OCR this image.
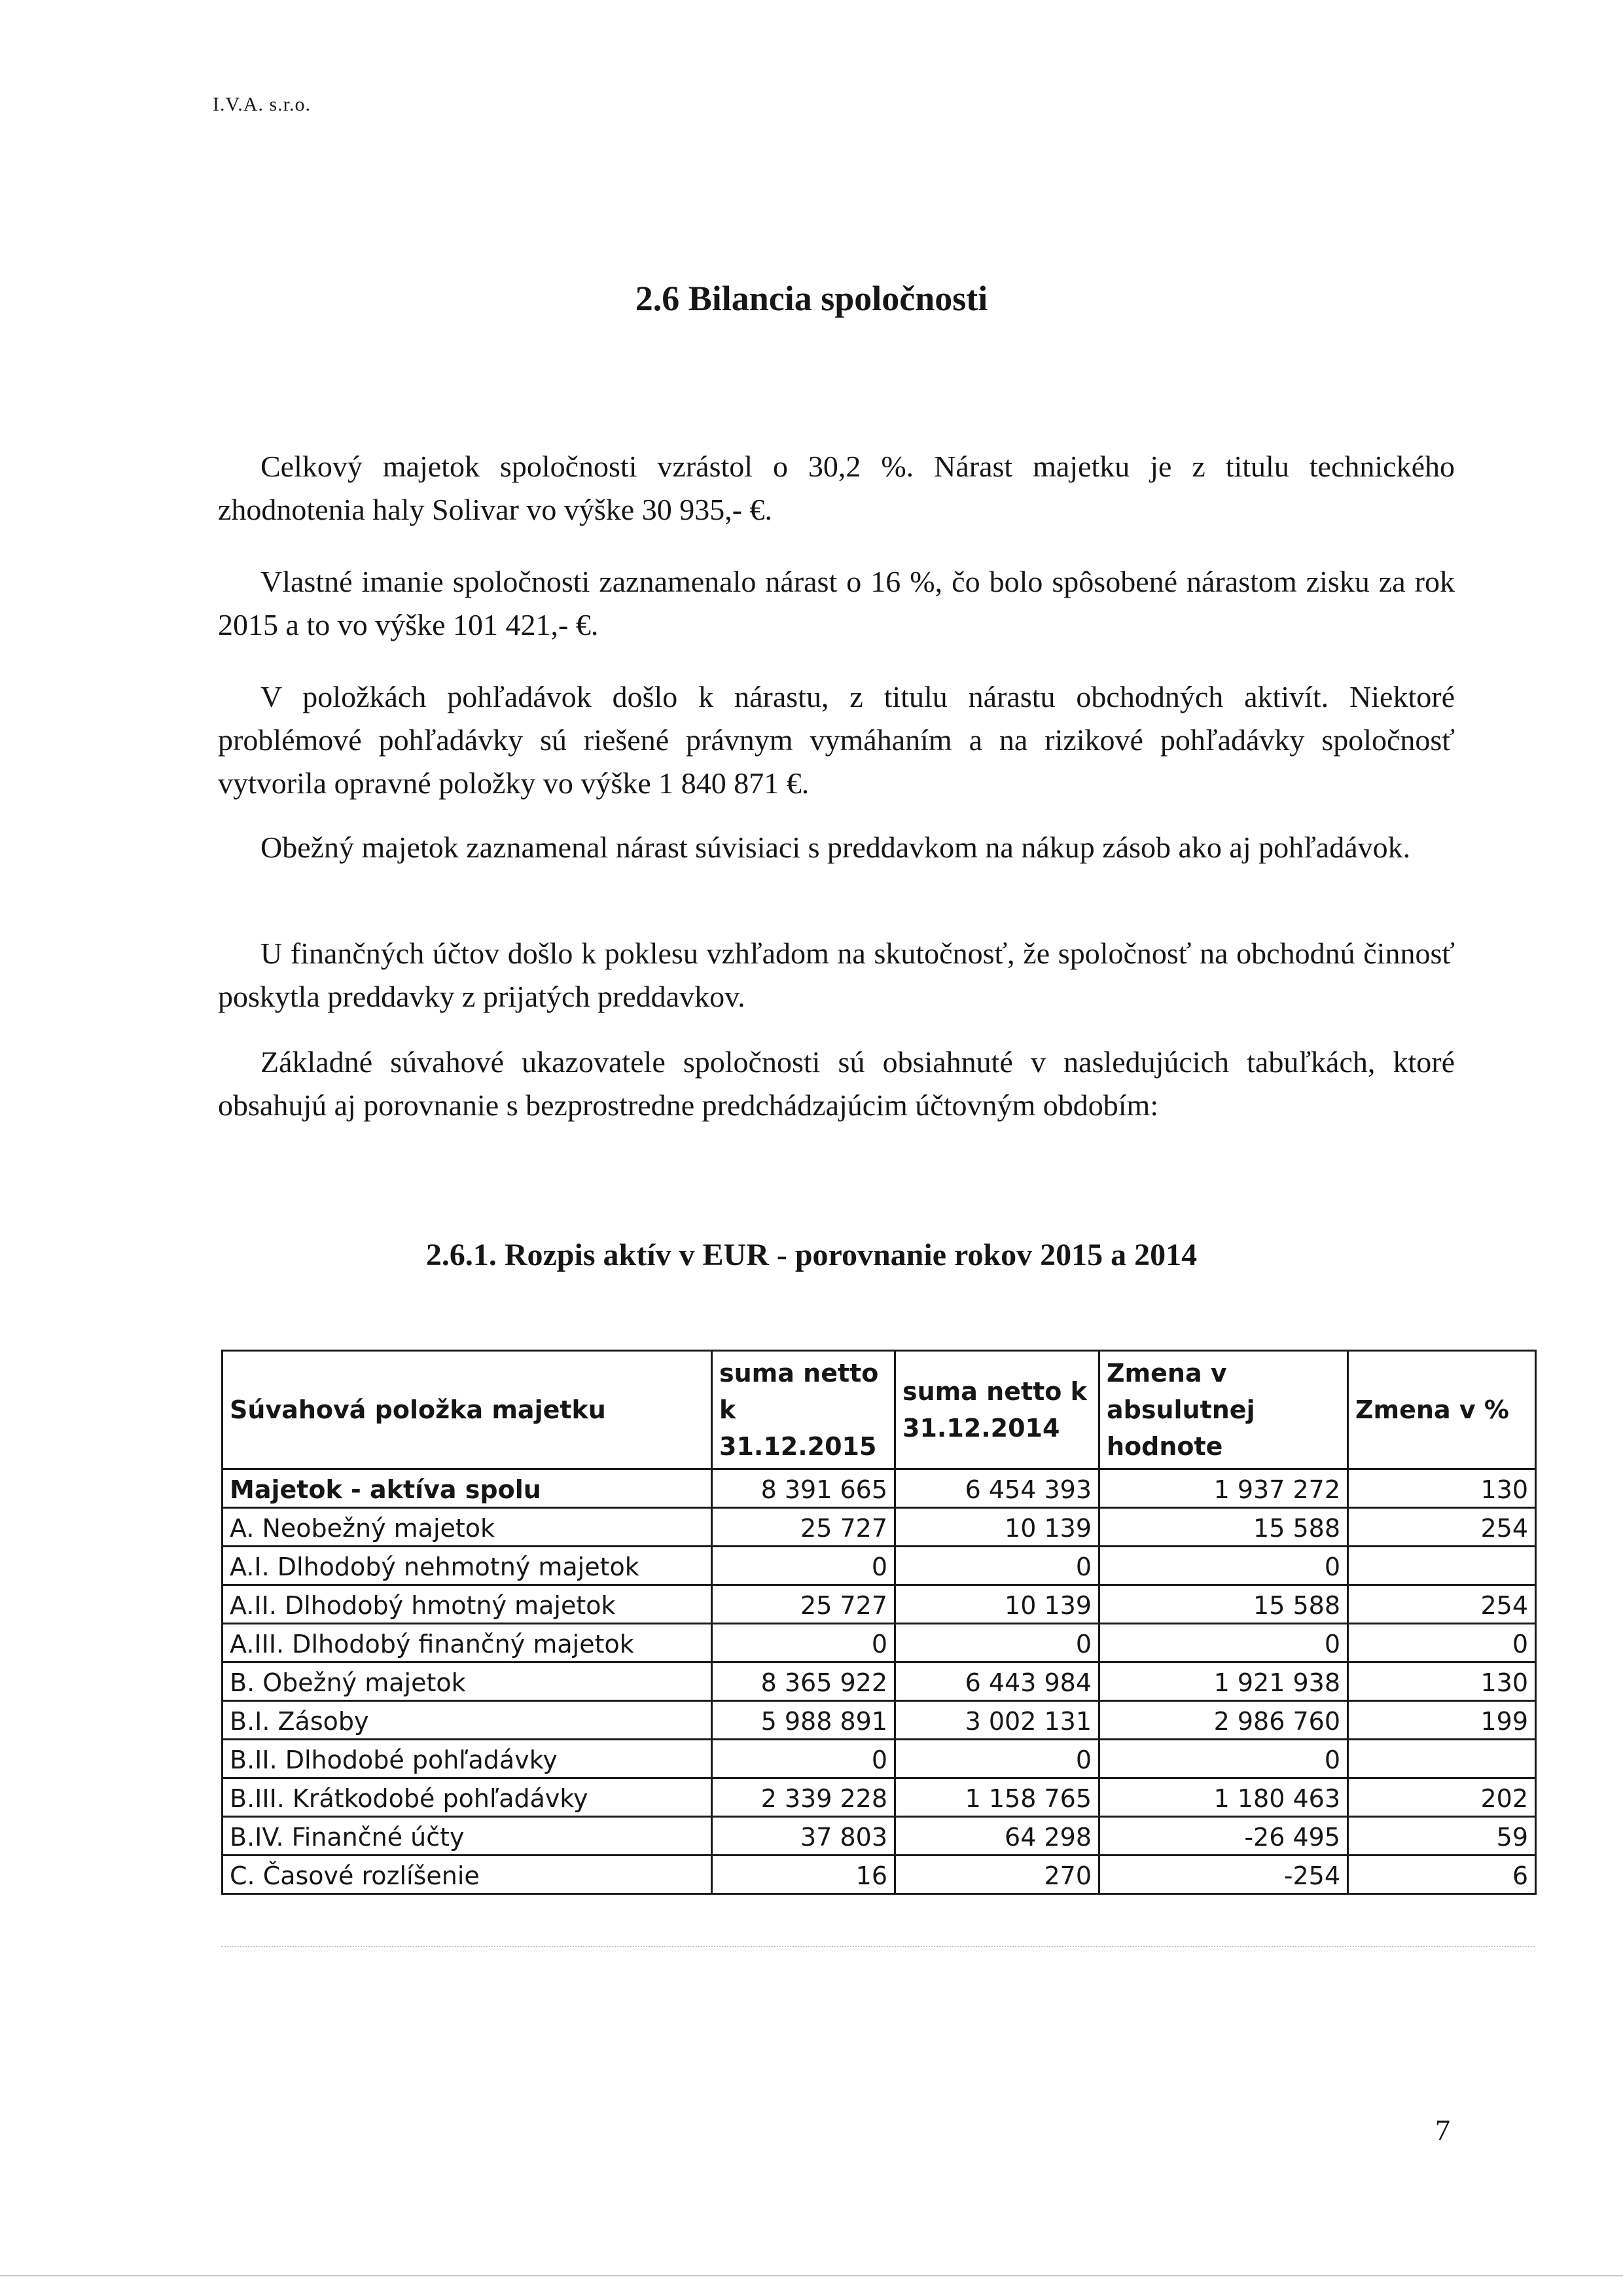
I.V.A. s.r.o.
2.6 Bilancia spoločnosti

Celkový majetok spoločnosti vzrástol o 30,2 %. Nárast majetku je z titulu technického zhodnotenia haly Solivar vo výške 30 935,- €.

Vlastné imanie spoločnosti zaznamenalo nárast o 16 %, čo bolo spôsobené nárastom zisku za rok 2015 a to vo výške 101 421,- €.

V položkách pohľadávok došlo k nárastu, z titulu nárastu obchodných aktivít. Niektoré problémové pohľadávky sú riešené právnym vymáhaním a na rizikové pohľadávky spoločnosť vytvorila opravné položky vo výške 1 840 871 €.

Obežný majetok zaznamenal nárast súvisiaci s preddavkom na nákup zásob ako aj pohľadávok.

U finančných účtov došlo k poklesu vzhľadom na skutočnosť, že spoločnosť na obchodnú činnosť poskytla preddavky z prijatých preddavkov.

Základné súvahové ukazovatele spoločnosti sú obsiahnuté v nasledujúcich tabuľkách, ktoré obsahujú aj porovnanie s bezprostredne predchádzajúcim účtovným obdobím:

2.6.1. Rozpis aktív v EUR - porovnanie rokov 2015 a 2014
Súvahová položka majetku	suma netto k 31.12.2015	suma netto k 31.12.2014	Zmena v absulutnej hodnote	Zmena v %
Majetok - aktíva spolu	8 391 665	6 454 393	1 937 272	130
A. Neobežný majetok	25 727	10 139	15 588	254
A.I. Dlhodobý nehmotný majetok	0	0	0	
A.II. Dlhodobý hmotný majetok	25 727	10 139	15 588	254
A.III. Dlhodobý finančný majetok	0	0	0	0
B. Obežný majetok	8 365 922	6 443 984	1 921 938	130
B.I. Zásoby	5 988 891	3 002 131	2 986 760	199
B.II. Dlhodobé pohľadávky	0	0	0	
B.III. Krátkodobé pohľadávky	2 339 228	1 158 765	1 180 463	202
B.IV. Finančné účty	37 803	64 298	-26 495	59
C. Časové rozlíšenie	16	270	-254	6
7
